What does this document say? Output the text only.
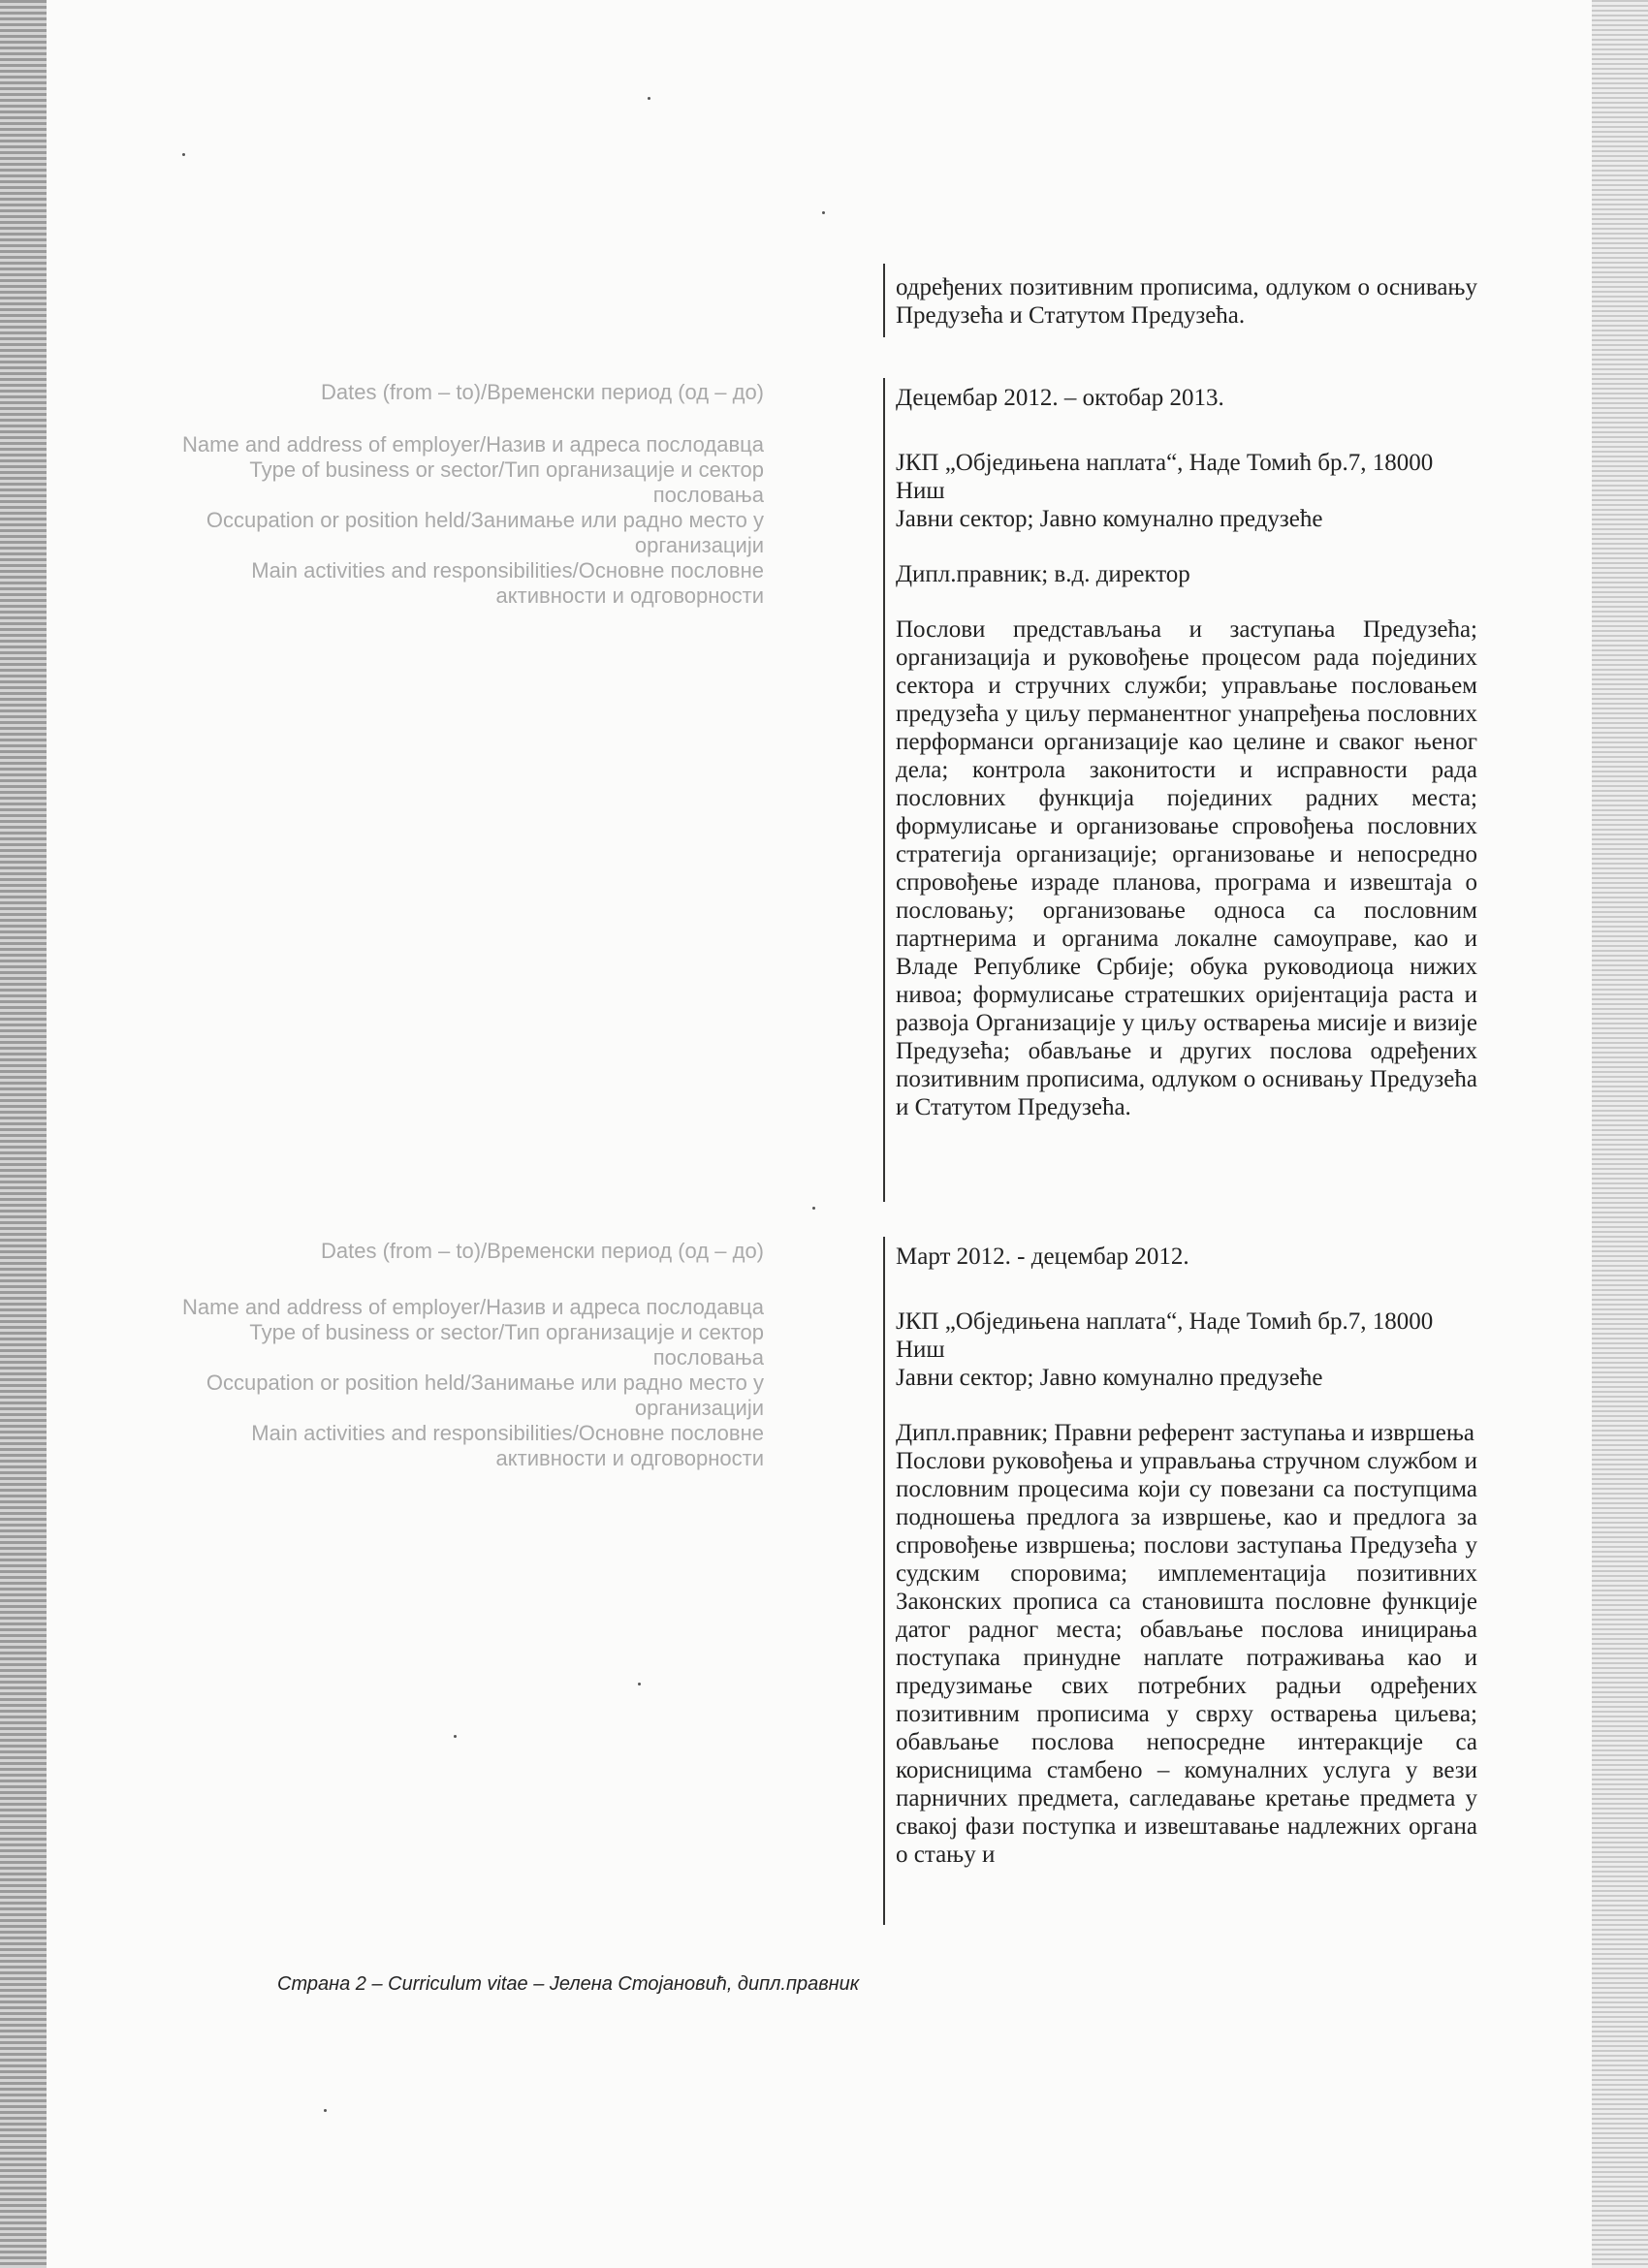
одређених позитивним прописима, одлуком о оснивању Предузећа и Статутом Предузећа.

Dates (from – to)/Временски период (од – до)

Name and address of employer/Назив и адреса послодавца

Type of business or sector/Тип организације и сектор пословања

Occupation or position held/Занимање или радно место у организацији

Main activities and responsibilities/Основне пословне активности и одговорности

Децембар 2012. – октобар 2013.

ЈКП „Обједињена наплата“, Наде Томић бр.7, 18000 Ниш

Јавни сектор; Јавно комунално предузеће

Дипл.правник; в.д. директор

Послови представљања и заступања Предузећа; организација и руковођење процесом рада појединих сектора и стручних служби; управљање пословањем предузећа у циљу перманентног унапређења пословних перформанси организације као целине и сваког њеног дела; контрола законитости и исправности рада пословних функција појединих радних места; формулисање и организовање спровођења пословних стратегија организације; организовање и непосредно спровођење израде планова, програма и извештаја о пословању; организовање односа са пословним партнерима и органима локалне самоуправе, као и Владе Републике Србије; обука руководиоца нижих нивоа; формулисање стратешких оријентација раста и развоја Организације у циљу остварења мисије и визије Предузећа; обављање и других послова одређених позитивним прописима, одлуком о оснивању Предузећа и Статутом Предузећа.

Dates (from – to)/Временски период (од – до)

Name and address of employer/Назив и адреса послодавца

Type of business or sector/Тип организације и сектор пословања

Occupation or position held/Занимање или радно место у организацији

Main activities and responsibilities/Основне пословне активности и одговорности

Март 2012. - децембар 2012.

ЈКП „Обједињена наплата“, Наде Томић бр.7, 18000 Ниш

Јавни сектор; Јавно комунално предузеће

Дипл.правник; Правни референт заступања и извршења

Послови руковођења и управљања стручном службом и пословним процесима који су повезани са поступцима подношења предлога за извршење, као и предлога за спровођење извршења; послови заступања Предузећа у судским споровима; имплементација позитивних Законских прописа са становишта пословне функције датог радног места; обављање послова иницирања поступака принудне наплате потраживања као и предузимање свих потребних радњи одређених позитивним прописима у сврху остварења циљева; обављање послова непосредне интеракције са корисницима стамбено – комуналних услуга у вези парничних предмета, сагледавање кретање предмета у свакој фази поступка и извештавање надлежних органа о стању и

Страна 2 – Curriculum vitae – Јелена Стојановић, дипл.правник
